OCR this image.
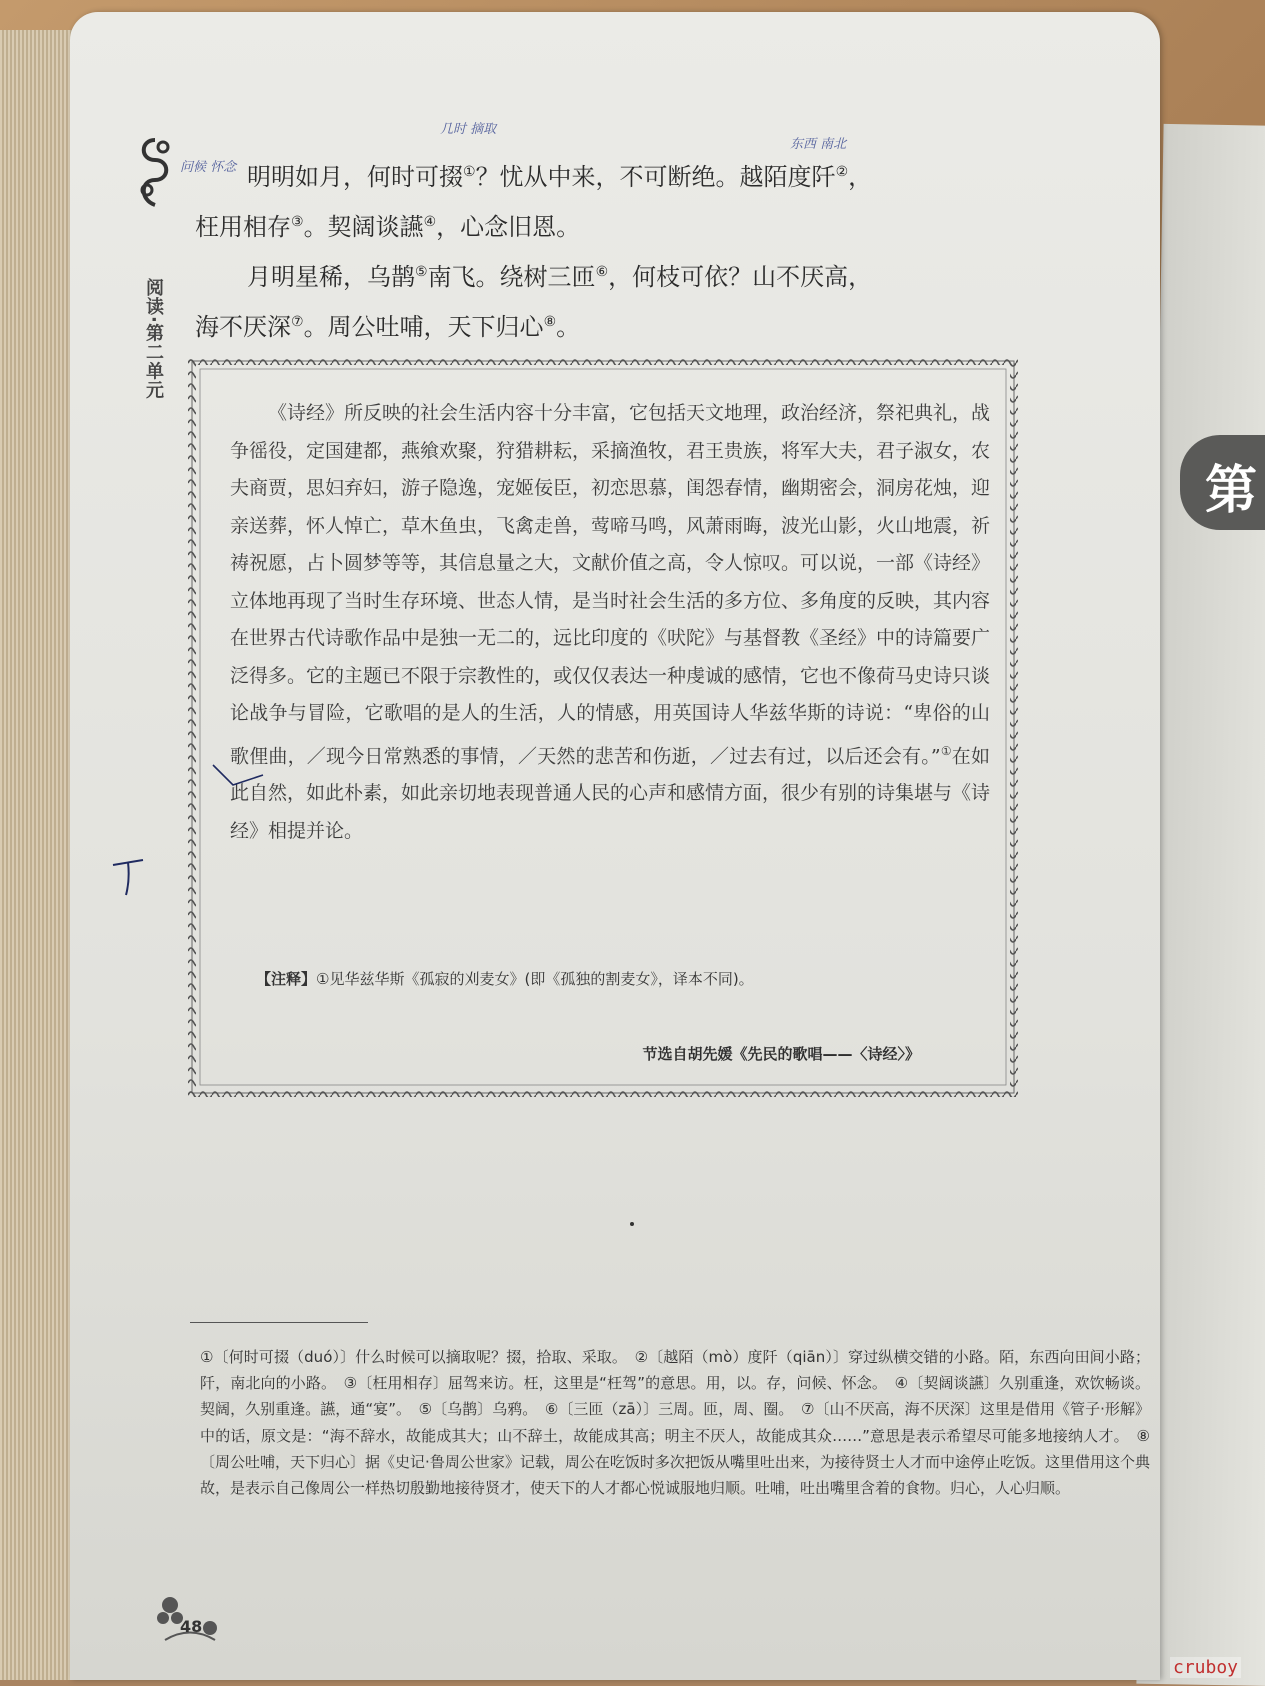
第
阅读·第二单元
几时 摘取
问候 怀念
东西 南北

明明如月，何时可掇①？忧从中来，不可断绝。越陌度阡②，

枉用相存③。契阔谈讌④，心念旧恩。

月明星稀，乌鹊⑤南飞。绕树三匝⑥，何枝可依？山不厌高，

海不厌深⑦。周公吐哺，天下归心⑧。

《诗经》所反映的社会生活内容十分丰富，它包括天文地理，政治经济，祭祀典礼，战争徭役，定国建都，燕飨欢聚，狩猎耕耘，采摘渔牧，君王贵族，将军大夫，君子淑女，农夫商贾，思妇弃妇，游子隐逸，宠姬佞臣，初恋思慕，闺怨春情，幽期密会，洞房花烛，迎亲送葬，怀人悼亡，草木鱼虫，飞禽走兽，莺啼马鸣，风萧雨晦，波光山影，火山地震，祈祷祝愿，占卜圆梦等等，其信息量之大，文献价值之高，令人惊叹。可以说，一部《诗经》立体地再现了当时生存环境、世态人情，是当时社会生活的多方位、多角度的反映，其内容在世界古代诗歌作品中是独一无二的，远比印度的《吠陀》与基督教《圣经》中的诗篇要广泛得多。它的主题已不限于宗教性的，或仅仅表达一种虔诚的感情，它也不像荷马史诗只谈论战争与冒险，它歌唱的是人的生活，人的情感，用英国诗人华兹华斯的诗说：“卑俗的山歌俚曲，／现今日常熟悉的事情，／天然的悲苦和伤逝，／过去有过，以后还会有。”①在如此自然，如此朴素，如此亲切地表现普通人民的心声和感情方面，很少有别的诗集堪与《诗经》相提并论。

【注释】①见华兹华斯《孤寂的刈麦女》(即《孤独的割麦女》，译本不同)。
节选自胡先媛《先民的歌唱——〈诗经〉》

①〔何时可掇（duó）〕什么时候可以摘取呢？掇，拾取、采取。　②〔越陌（mò）度阡（qiān）〕穿过纵横交错的小路。陌，东西向田间小路；阡，南北向的小路。　③〔枉用相存〕屈驾来访。枉，这里是“枉驾”的意思。用，以。存，问候、怀念。　④〔契阔谈讌〕久别重逢，欢饮畅谈。契阔，久别重逢。讌，通“宴”。　⑤〔乌鹊〕乌鸦。　⑥〔三匝（zā）〕三周。匝，周、圈。　⑦〔山不厌高，海不厌深〕这里是借用《管子·形解》中的话，原文是：“海不辞水，故能成其大；山不辞土，故能成其高；明主不厌人，故能成其众……”意思是表示希望尽可能多地接纳人才。　⑧〔周公吐哺，天下归心〕据《史记·鲁周公世家》记载，周公在吃饭时多次把饭从嘴里吐出来，为接待贤士人才而中途停止吃饭。这里借用这个典故，是表示自己像周公一样热切殷勤地接待贤才，使天下的人才都心悦诚服地归顺。吐哺，吐出嘴里含着的食物。归心，人心归顺。

48
cruboy
